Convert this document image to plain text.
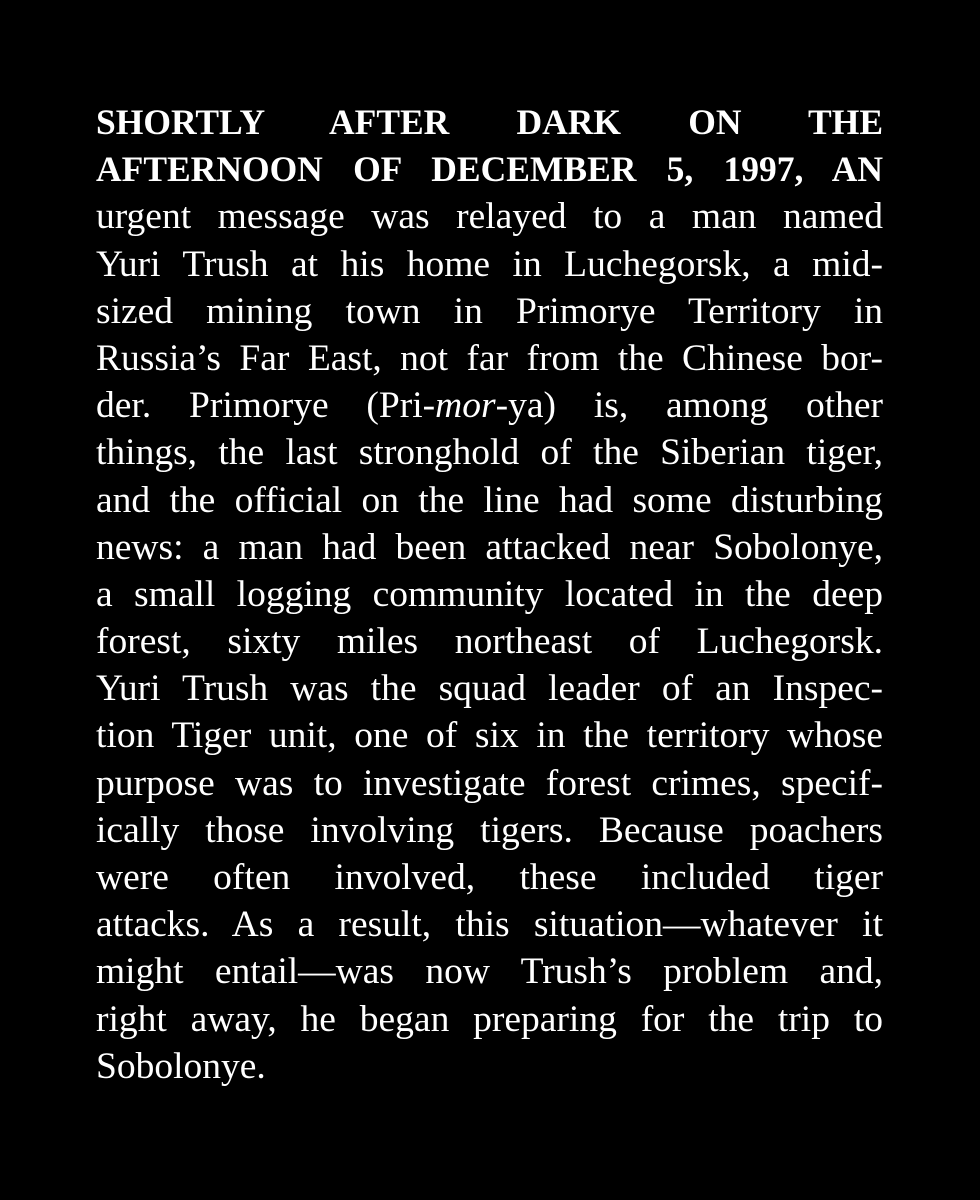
SHORTLY AFTER DARK ON THE
AFTERNOON OF DECEMBER 5, 1997, AN
urgent message was relayed to a man named
Yuri Trush at his home in Luchegorsk, a mid-
sized mining town in Primorye Territory in
Russia’s Far East, not far from the Chinese bor-
der. Primorye (Pri-mor-ya) is, among other
things, the last stronghold of the Siberian tiger,
and the official on the line had some disturbing
news: a man had been attacked near Sobolonye,
a small logging community located in the deep
forest, sixty miles northeast of Luchegorsk.
Yuri Trush was the squad leader of an Inspec-
tion Tiger unit, one of six in the territory whose
purpose was to investigate forest crimes, specif-
ically those involving tigers. Because poachers
were often involved, these included tiger
attacks. As a result, this situation—whatever it
might entail—was now Trush’s problem and,
right away, he began preparing for the trip to
Sobolonye.
